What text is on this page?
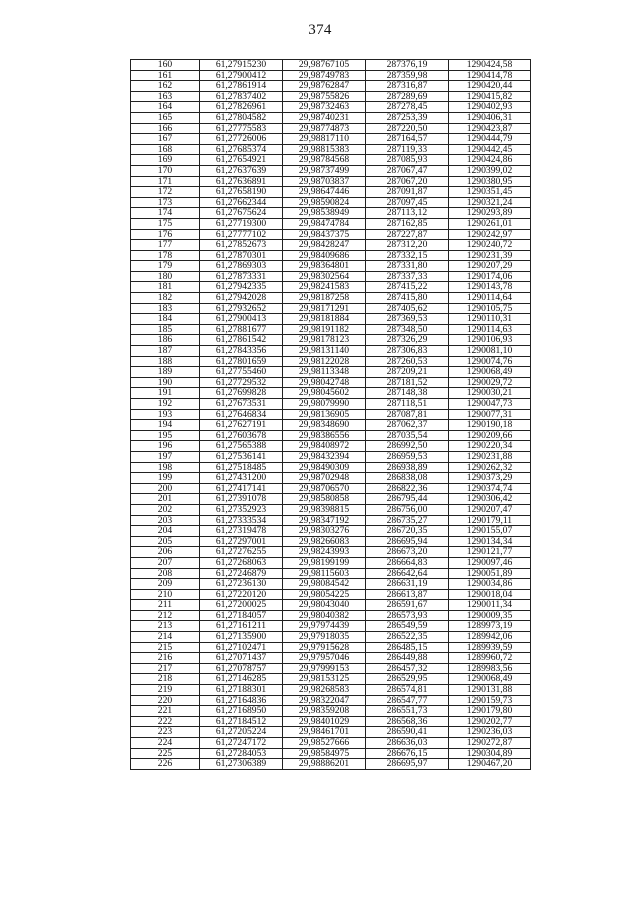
374
160	61,27915230	29,98767105	287376,19	1290424,58
161	61,27900412	29,98749783	287359,98	1290414,78
162	61,27861914	29,98762847	287316,87	1290420,44
163	61,27837402	29,98755826	287289,69	1290415,82
164	61,27826961	29,98732463	287278,45	1290402,93
165	61,27804582	29,98740231	287253,39	1290406,31
166	61,27775583	29,98774873	287220,50	1290423,87
167	61,27726006	29,98817110	287164,57	1290444,79
168	61,27685374	29,98815383	287119,33	1290442,45
169	61,27654921	29,98784568	287085,93	1290424,86
170	61,27637639	29,98737499	287067,47	1290399,02
171	61,27636891	29,98703837	287067,20	1290380,95
172	61,27658190	29,98647446	287091,87	1290351,45
173	61,27662344	29,98590824	287097,45	1290321,24
174	61,27675624	29,98538949	287113,12	1290293,89
175	61,27719300	29,98474784	287162,85	1290261,01
176	61,27777102	29,98437375	287227,87	1290242,97
177	61,27852673	29,98428247	287312,20	1290240,72
178	61,27870301	29,98409686	287332,15	1290231,39
179	61,27869303	29,98364801	287331,80	1290207,29
180	61,27873331	29,98302564	287337,33	1290174,06
181	61,27942335	29,98241583	287415,22	1290143,78
182	61,27942028	29,98187258	287415,80	1290114,64
183	61,27932652	29,98171291	287405,62	1290105,75
184	61,27900413	29,98181884	287369,53	1290110,31
185	61,27881677	29,98191182	287348,50	1290114,63
186	61,27861542	29,98178123	287326,29	1290106,93
187	61,27843356	29,98131140	287306,83	1290081,10
188	61,27801659	29,98122028	287260,53	1290074,76
189	61,27755460	29,98113348	287209,21	1290068,49
190	61,27729532	29,98042748	287181,52	1290029,72
191	61,27699828	29,98045602	287148,38	1290030,21
192	61,27673531	29,98079990	287118,51	1290047,73
193	61,27646834	29,98136905	287087,81	1290077,31
194	61,27627191	29,98348690	287062,37	1290190,18
195	61,27603678	29,98386556	287035,54	1290209,66
196	61,27565388	29,98408972	286992,50	1290220,34
197	61,27536141	29,98432394	286959,53	1290231,88
198	61,27518485	29,98490309	286938,89	1290262,32
199	61,27431200	29,98702948	286838,08	1290373,29
200	61,27417141	29,98706570	286822,36	1290374,74
201	61,27391078	29,98580858	286795,44	1290306,42
202	61,27352923	29,98398815	286756,00	1290207,47
203	61,27333534	29,98347192	286735,27	1290179,11
204	61,27319478	29,98303276	286720,35	1290155,07
205	61,27297001	29,98266083	286695,94	1290134,34
206	61,27276255	29,98243993	286673,20	1290121,77
207	61,27268063	29,98199199	286664,83	1290097,46
208	61,27246879	29,98115603	286642,64	1290051,89
209	61,27236130	29,98084542	286631,19	1290034,86
210	61,27220120	29,98054225	286613,87	1290018,04
211	61,27200025	29,98043040	286591,67	1290011,34
212	61,27184057	29,98040382	286573,93	1290009,35
213	61,27161211	29,97974439	286549,59	1289973,19
214	61,27135900	29,97918035	286522,35	1289942,06
215	61,27102471	29,97915628	286485,15	1289939,59
216	61,27071437	29,97957046	286449,88	1289960,72
217	61,27078757	29,97999153	286457,32	1289983,56
218	61,27146285	29,98153125	286529,95	1290068,49
219	61,27188301	29,98268583	286574,81	1290131,88
220	61,27164836	29,98322047	286547,77	1290159,73
221	61,27168950	29,98359208	286551,73	1290179,80
222	61,27184512	29,98401029	286568,36	1290202,77
223	61,27205224	29,98461701	286590,41	1290236,03
224	61,27247172	29,98527666	286636,03	1290272,87
225	61,27284053	29,98584975	286676,15	1290304,89
226	61,27306389	29,98886201	286695,97	1290467,20
